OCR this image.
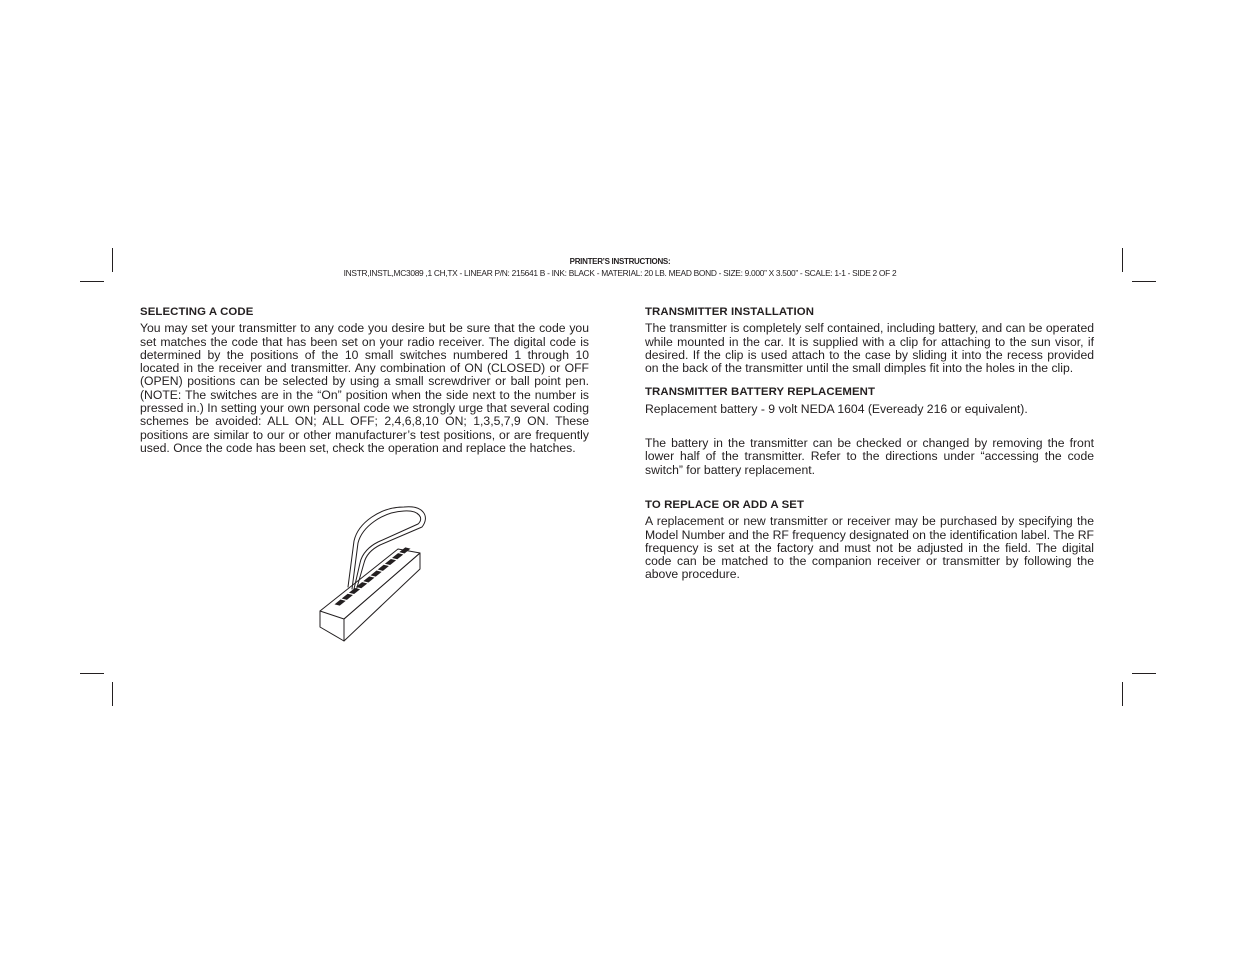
PRINTER’S INSTRUCTIONS:
INSTR,INSTL,MC3089 ,1 CH,TX - LINEAR P/N: 215641 B - INK: BLACK - MATERIAL: 20 LB. MEAD BOND - SIZE: 9.000” X 3.500” - SCALE: 1-1 - SIDE 2 OF 2
SELECTING A CODE

You may set your transmitter to any code you desire but be sure that the code you set matches the code that has been set on your radio receiver. The digital code is determined by the positions of the 10 small switches numbered 1 through 10 located in the receiver and transmitter. Any combination of ON (CLOSED) or OFF (OPEN) positions can be selected by using a small screwdriver or ball point pen. (NOTE: The switches are in the “On” position when the side next to the number is pressed in.) In setting your own personal code we strongly urge that several coding schemes be avoided: ALL ON; ALL OFF; 2,4,6,8,10 ON; 1,3,5,7,9 ON. These positions are similar to our or other manufacturer’s test positions, or are frequently used. Once the code has been set, check the operation and replace the hatches.

TRANSMITTER INSTALLATION

The transmitter is completely self contained, including battery, and can be operated while mounted in the car. It is supplied with a clip for attaching to the sun visor, if desired. If the clip is used attach to the case by sliding it into the recess provided on the back of the transmitter until the small dimples fit into the holes in the clip.

TRANSMITTER BATTERY REPLACEMENT

Replacement battery - 9 volt NEDA 1604 (Eveready 216 or equivalent).

The battery in the transmitter can be checked or changed by removing the front lower half of the transmitter. Refer to the directions under “accessing the code switch” for battery replacement.

TO REPLACE OR ADD A SET

A replacement or new transmitter or receiver may be purchased by specifying the Model Number and the RF frequency designated on the identification label. The RF frequency is set at the factory and must not be adjusted in the field. The digital code can be matched to the companion receiver or transmitter by following the above procedure.
